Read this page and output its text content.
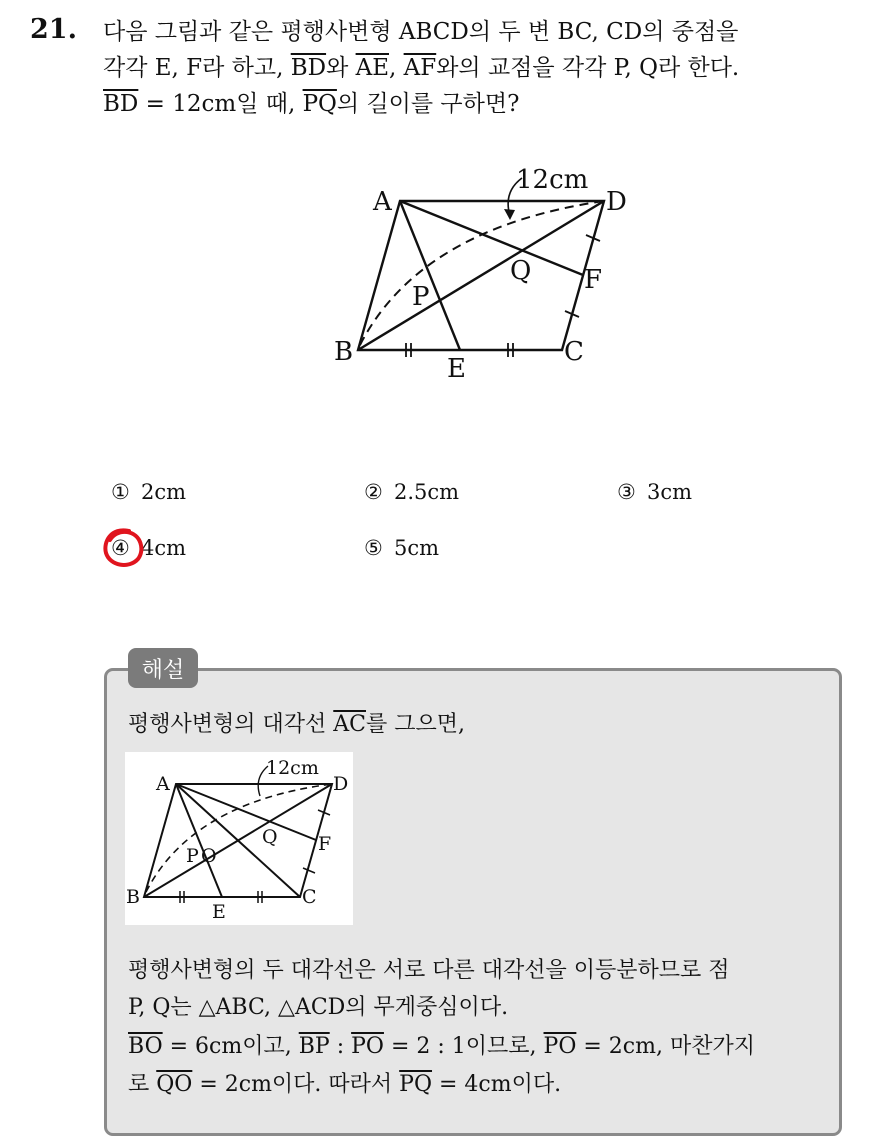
21. 다음 그림과 같은 평행사변형 ABCD의 두 변 BC, CD의 중점을
각각 E, F라 하고, $\overline{BD}$와 $\overline{AE}$, $\overline{AF}$와의 교점을 각각 P, Q라 한다.
$\overline{BD} = 12cm$일 때, $\overline{PQ}$의 길이를 구하면?
A	D
B	C
E
F
P
Q
12cm
① 2cm	② 2.5cm	③ 3cm
④ 4cm	⑤ 5cm
해설
평행사변형의 대각선 $\overline{AC}$를 그으면,
A	D
B	C
E
F
P O
Q
12cm
평행사변형의 두 대각선은 서로 다른 대각선을 이등분하므로 점
P, Q는 △ABC, △ACD의 무게중심이다.
$\overline{BO} = 6cm$이고, $\overline{BP}$ : $\overline{PO} = 2$ : 1이므로, $\overline{PO} = 2cm$, 마찬가지
로 $\overline{QO} = 2cm$이다. 따라서 $\overline{PQ} = 4cm$이다.
